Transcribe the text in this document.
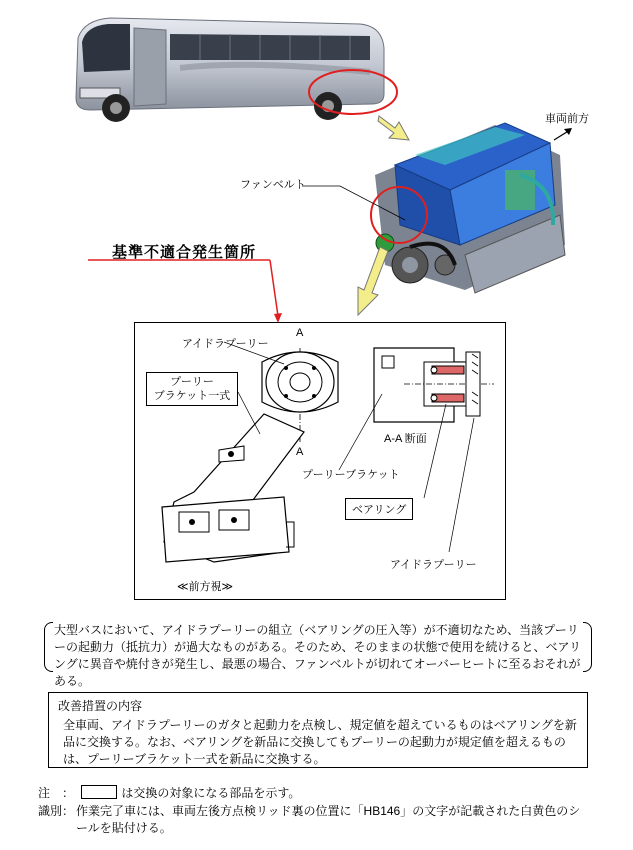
車両前方
ファンベルト
基準不適合発生箇所
アイドラプーリー
A
A
プーリー
ブラケット一式
A-A 断面
プーリーブラケット
ベアリング
アイドラプーリー
≪前方視≫
大型バスにおいて、アイドラプーリーの組立（ベアリングの圧入等）が不適切なため、当該プーリーの起動力（抵抗力）が過大なものがある。そのため、そのままの状態で使用を続けると、ベアリングに異音や焼付きが発生し、最悪の場合、ファンベルトが切れてオーバーヒートに至るおそれがある。
改善措置の内容
全車両、アイドラプーリーのガタと起動力を点検し、規定値を超えているものはベアリングを新品に交換する。なお、ベアリングを新品に交換してもプーリーの起動力が規定値を超えるものは、プーリーブラケット一式を新品に交換する。
注　：	は交換の対象になる部品を示す。
識別： 作業完了車には、車両左後方点検リッド裏の位置に「HB146」の文字が記載された白黄色のシールを貼付ける。
